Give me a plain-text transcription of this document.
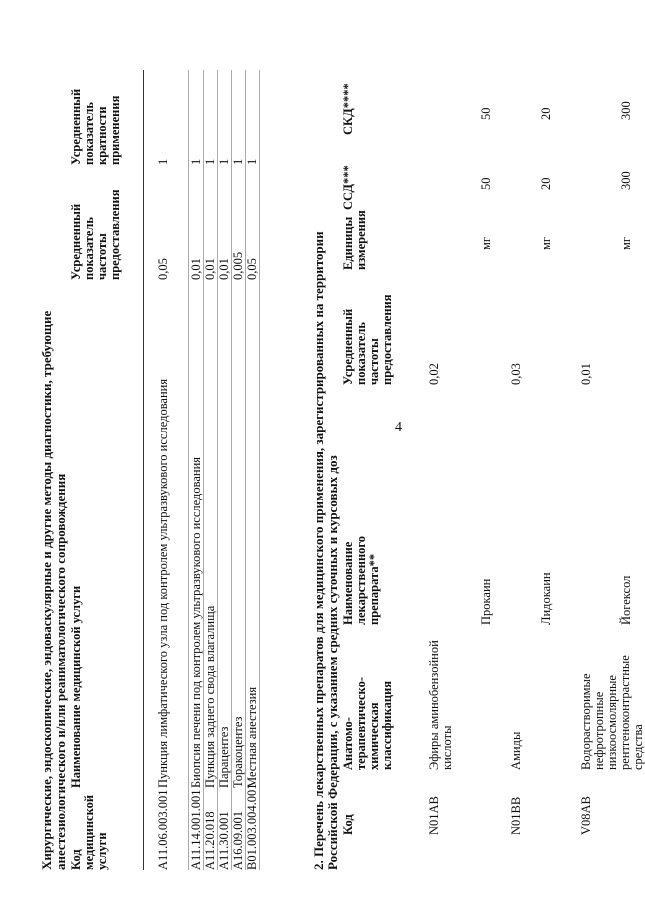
4
Хирургические, эндоскопические, эндоваскулярные и другие методы диагностики, требующие анестезиологического и/или реаниматологического сопровождения Код медицинской услуги
Наименование медицинской услуги
Усредненный показатель частоты предоставления
Усредненный показатель кратности применения
A11.06.003.001
Пункция лимфатического узла под контролем ультразвукового исследования
0,05
1
A11.14.001.001
Биопсия печени под контролем ультразвукового исследования
0,01
1
A11.20.018
Пункция заднего свода влагалища
0,01
1
A11.30.001
Парацентез
0,01
1
A16.09.001
Торакоцентез
0,005
1
B01.003.004.001
Местная анестезия
0,05
1
2. Перечень лекарственных препаратов для медицинского применения, зарегистрированных на территории Российской Федерации, с указанием средних суточных и курсовых доз Код
Анатомо-терапевтическо-химическая классификация
Наименование лекарственного препарата**
Усредненный показатель частоты предоставления
Единицы измерения
ССД***
СКД****
N01AB
Эфиры аминобензойной кислоты
0,02
Прокаин
мг
50
50
N01BB
Амиды
0,03
Лидокаин
мг
20
20
V08AB
Водорастворимые нефротропные низкоосмолярные рентгеноконтрастные средства
0,01
Йогексол
мг
300
300
